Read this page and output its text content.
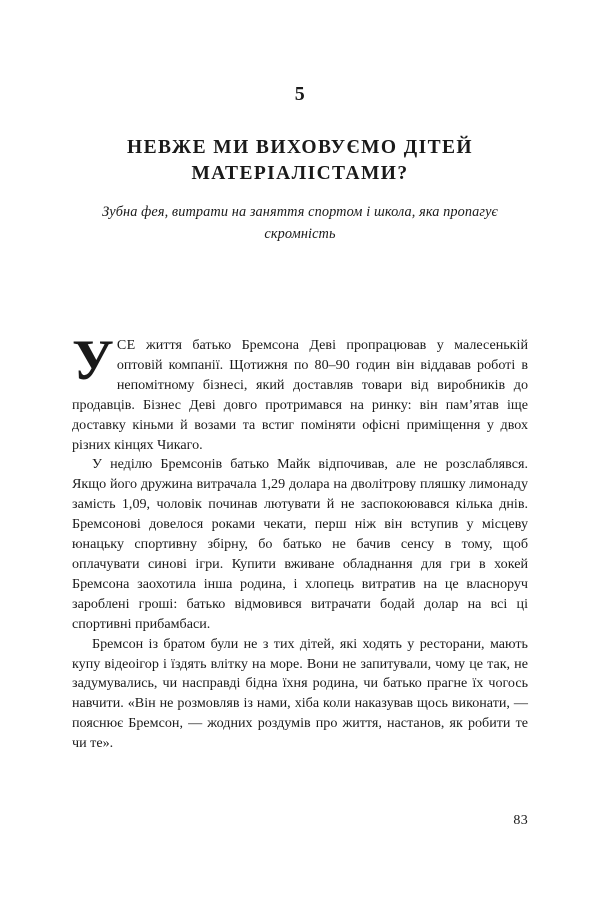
5
НЕВЖЕ МИ ВИХОВУЄМО ДІТЕЙ МАТЕРІАЛІСТАМИ?

Зубна фея, витрати на заняття спортом і школа, яка пропагує скромність

УСЕ життя батько Бремсона Деві пропрацював у малесенькій оптовій компанії. Щотижня по 80–90 годин він віддавав роботі в непомітному бізнесі, який доставляв товари від виробників до продавців. Бізнес Деві довго протримався на ринку: він пам’ятав іще доставку кіньми й возами та встиг поміняти офісні приміщення у двох різних кінцях Чикаго.

У неділю Бремсонів батько Майк відпочивав, але не розслаблявся. Якщо його дружина витрачала 1,29 долара на дволітрову пляшку лимонаду замість 1,09, чоловік починав лютувати й не заспокоювався кілька днів. Бремсонові довелося роками чекати, перш ніж він вступив у місцеву юнацьку спортивну збірну, бо батько не бачив сенсу в тому, щоб оплачувати синові ігри. Купити вживане обладнання для гри в хокей Бремсона заохотила інша родина, і хлопець витратив на це власноруч зароблені гроші: батько відмовився витрачати бодай долар на всі ці спортивні прибамбаси.

Бремсон із братом були не з тих дітей, які ходять у ресторани, мають купу відеоігор і їздять влітку на море. Вони не запитували, чому це так, не задумувались, чи насправді бідна їхня родина, чи батько прагне їх чогось навчити. «Він не розмовляв із нами, хіба коли наказував щось виконати, — пояснює Бремсон, — жодних роздумів про життя, настанов, як робити те чи те».

83
